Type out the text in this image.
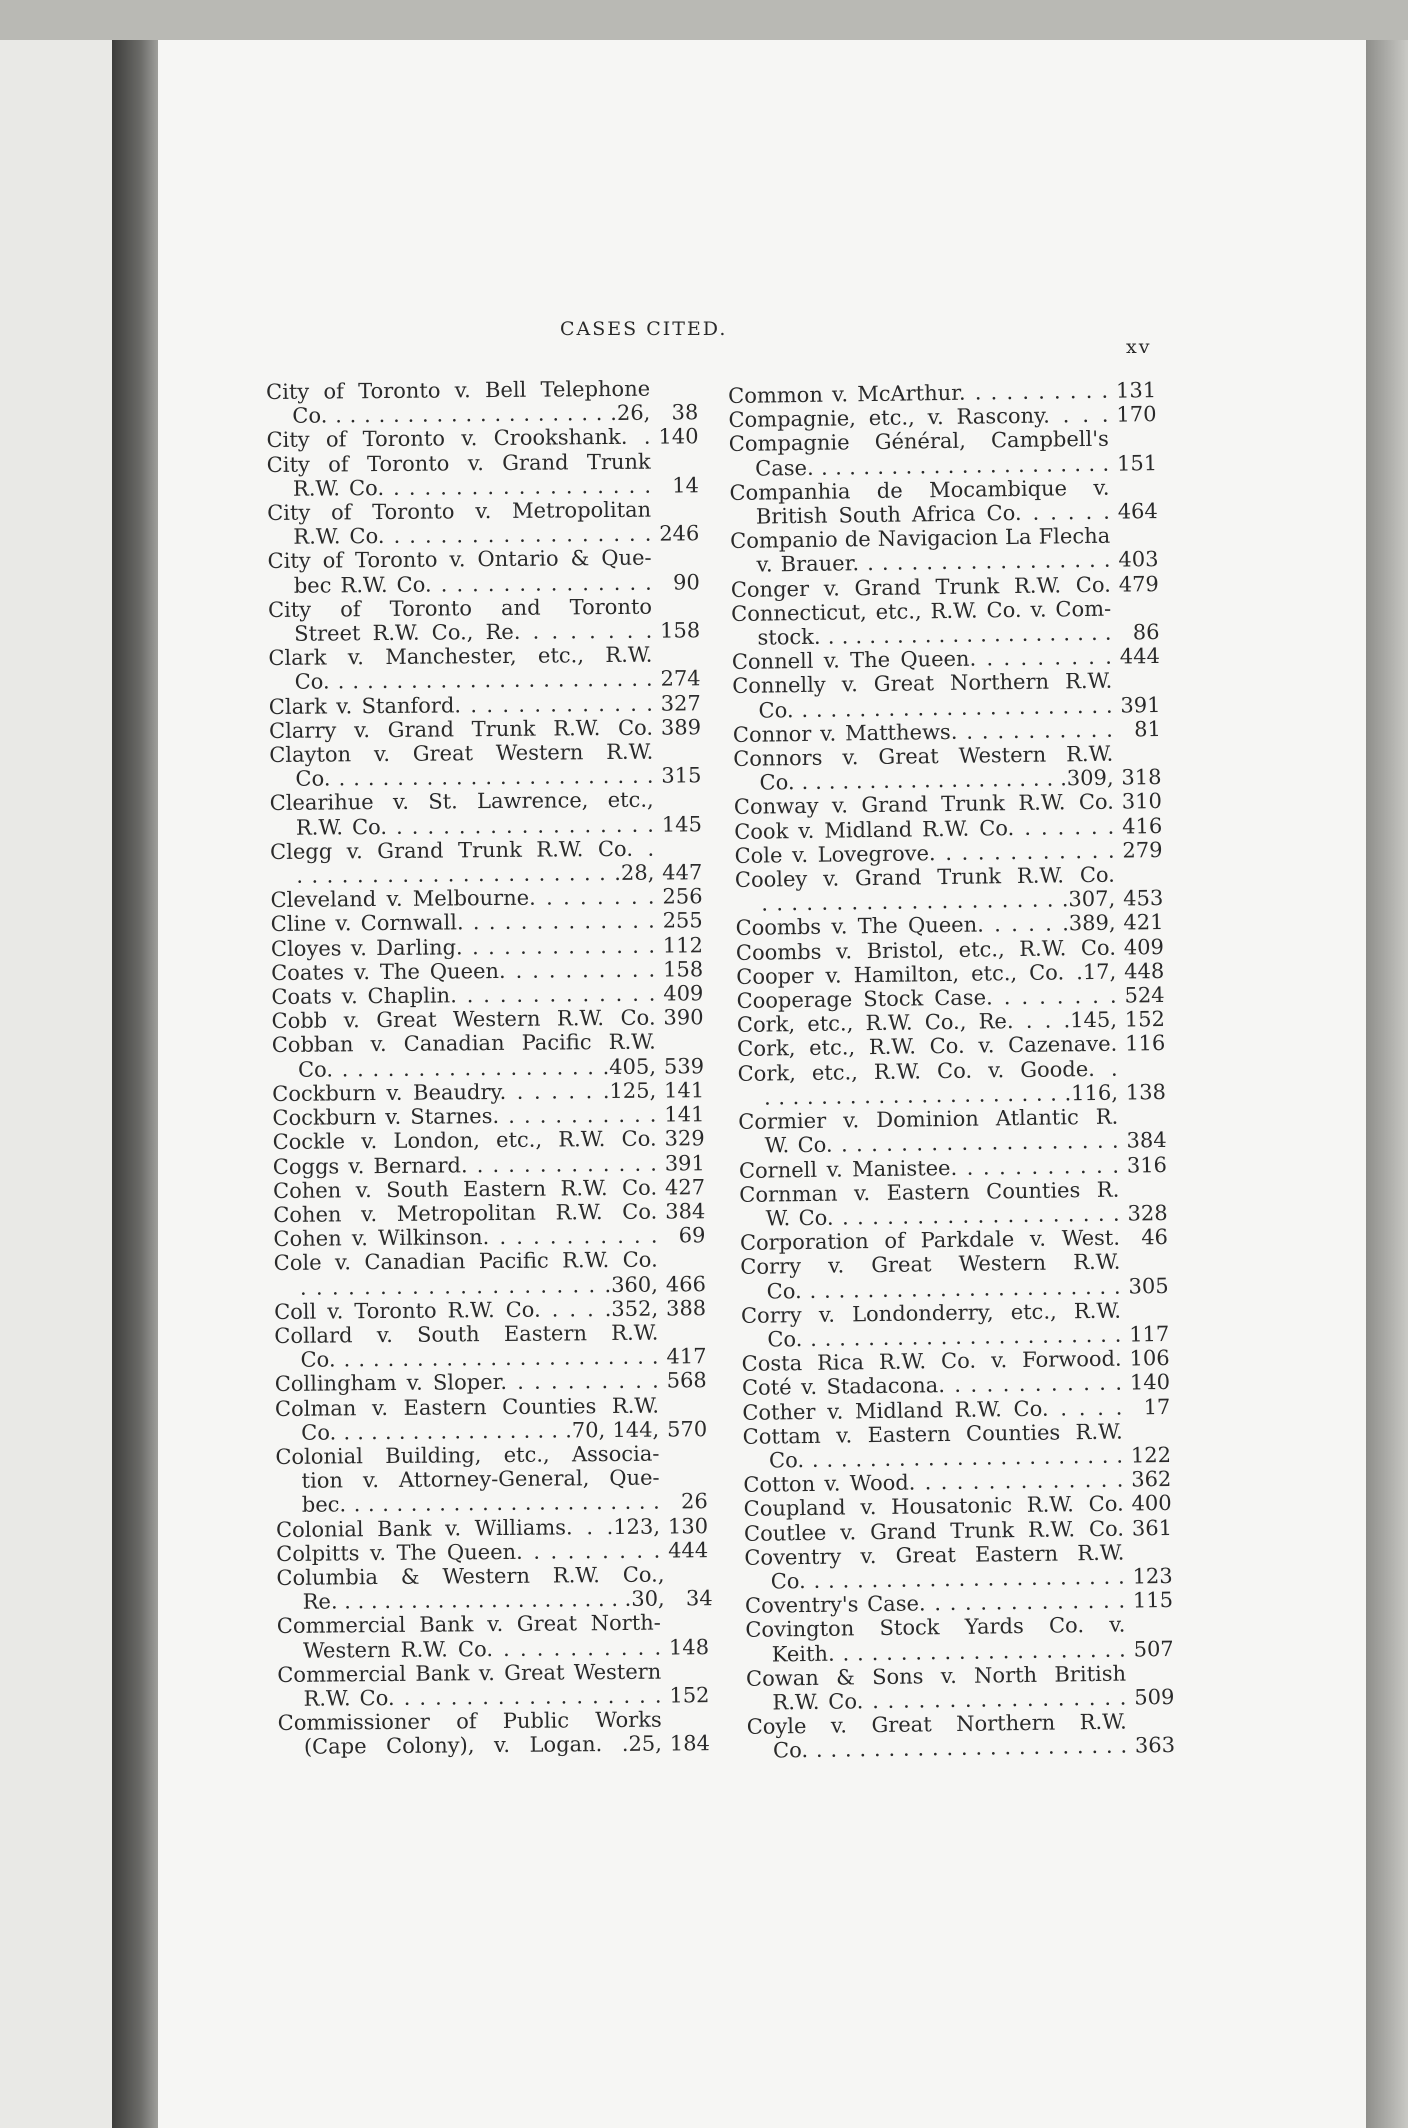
CASES CITED.
xv
City of Toronto v. Bell Telephone
Co. . . . . . . . . . . . . . . . . . . . .26,	38
City of Toronto v. Crookshank. . 140
City of Toronto v. Grand Trunk
R.W. Co. . . . . . . . . . . . . . . . . .	14
City of Toronto v. Metropolitan
R.W. Co. . . . . . . . . . . . . . . . . . 246
City of Toronto v. Ontario & Que-
bec R.W. Co. . . . . . . . . . . . . . .	90
City of Toronto and Toronto
Street R.W. Co., Re. . . . . . . . 158
Clark v. Manchester, etc., R.W.
Co. . . . . . . . . . . . . . . . . . . . . . . 274
Clark v. Stanford. . . . . . . . . . . . . 327
Clarry v. Grand Trunk R.W. Co. 389
Clayton v. Great Western R.W.
Co. . . . . . . . . . . . . . . . . . . . . . . 315
Clearihue v. St. Lawrence, etc.,
R.W. Co. . . . . . . . . . . . . . . . . . 145
Clegg v. Grand Trunk R.W. Co. .
. . . . . . . . . . . . . . . . . . . . . .28, 447
Cleveland v. Melbourne. . . . . . . . 256
Cline v. Cornwall. . . . . . . . . . . . . 255
Cloyes v. Darling. . . . . . . . . . . . . 112
Coates v. The Queen. . . . . . . . . . 158
Coats v. Chaplin. . . . . . . . . . . . . 409
Cobb v. Great Western R.W. Co. 390
Cobban v. Canadian Pacific R.W.
Co. . . . . . . . . . . . . . . . . . .405, 539
Cockburn v. Beaudry. . . . . . .125, 141
Cockburn v. Starnes. . . . . . . . . . . 141
Cockle v. London, etc., R.W. Co. 329
Coggs v. Bernard. . . . . . . . . . . . . 391
Cohen v. South Eastern R.W. Co. 427
Cohen v. Metropolitan R.W. Co. 384
Cohen v. Wilkinson. . . . . . . . . . .	69
Cole v. Canadian Pacific R.W. Co.
. . . . . . . . . . . . . . . . . . . .360, 466
Coll v. Toronto R.W. Co. . . . .352, 388
Collard v. South Eastern R.W.
Co. . . . . . . . . . . . . . . . . . . . . . . 417
Collingham v. Sloper. . . . . . . . . . 568
Colman v. Eastern Counties R.W.
Co. . . . . . . . . . . . . . . . . .70, 144, 570
Colonial Building, etc., Associa-
tion v. Attorney-General, Que-
bec. . . . . . . . . . . . . . . . . . . . . . .	26
Colonial Bank v. Williams. . .123, 130
Colpitts v. The Queen. . . . . . . . . 444
Columbia & Western R.W. Co.,
Re. . . . . . . . . . . . . . . . . . . . . . .30,	34
Commercial Bank v. Great North-
Western R.W. Co. . . . . . . . . . . 148
Commercial Bank v. Great Western
R.W. Co. . . . . . . . . . . . . . . . . . 152
Commissioner of Public Works
(Cape Colony), v. Logan. .25, 184
Common v. McArthur. . . . . . . . . . 131
Compagnie, etc., v. Rascony. . . . 170
Compagnie Général, Campbell's
Case. . . . . . . . . . . . . . . . . . . . . . 151
Companhia de Mocambique v.
British South Africa Co. . . . . . 464
Companio de Navigacion La Flecha
v. Brauer. . . . . . . . . . . . . . . . . . 403
Conger v. Grand Trunk R.W. Co. 479
Connecticut, etc., R.W. Co. v. Com-
stock. . . . . . . . . . . . . . . . . . . . . . 86
Connell v. The Queen. . . . . . . . . 444
Connelly v. Great Northern R.W.
Co. . . . . . . . . . . . . . . . . . . . . . . 391
Connor v. Matthews. . . . . . . . . . . 81
Connors v. Great Western R.W.
Co. . . . . . . . . . . . . . . . . . . . .309, 318
Conway v. Grand Trunk R.W. Co. 310
Cook v. Midland R.W. Co. . . . . . . 416
Cole v. Lovegrove. . . . . . . . . . . . 279
Cooley v. Grand Trunk R.W. Co.
. . . . . . . . . . . . . . . . . . . . .307, 453
Coombs v. The Queen. . . . . .389, 421
Coombs v. Bristol, etc., R.W. Co. 409
Cooper v. Hamilton, etc., Co. .17, 448
Cooperage Stock Case. . . . . . . . 524
Cork, etc., R.W. Co., Re. . . .145, 152
Cork, etc., R.W. Co. v. Cazenave. 116
Cork, etc., R.W. Co. v. Goode. .
. . . . . . . . . . . . . . . . . . . . . .116, 138
Cormier v. Dominion Atlantic R.
W. Co. . . . . . . . . . . . . . . . . . . . 384
Cornell v. Manistee. . . . . . . . . . . 316
Cornman v. Eastern Counties R.
W. Co. . . . . . . . . . . . . . . . . . . . 328
Corporation of Parkdale v. West. 46
Corry v. Great Western R.W.
Co. . . . . . . . . . . . . . . . . . . . . . . 305
Corry v. Londonderry, etc., R.W.
Co. . . . . . . . . . . . . . . . . . . . . . . 117
Costa Rica R.W. Co. v. Forwood. 106
Coté v. Stadacona. . . . . . . . . . . . 140
Cother v. Midland R.W. Co. . . . . 17
Cottam v. Eastern Counties R.W.
Co. . . . . . . . . . . . . . . . . . . . . . . 122
Cotton v. Wood. . . . . . . . . . . . . . 362
Coupland v. Housatonic R.W. Co. 400
Coutlee v. Grand Trunk R.W. Co. 361
Coventry v. Great Eastern R.W.
Co. . . . . . . . . . . . . . . . . . . . . . . 123
Coventry's Case. . . . . . . . . . . . . . 115
Covington Stock Yards Co. v.
Keith. . . . . . . . . . . . . . . . . . . . . 507
Cowan & Sons v. North British
R.W. Co. . . . . . . . . . . . . . . . . . 509
Coyle v. Great Northern R.W.
Co. . . . . . . . . . . . . . . . . . . . . . . 363
